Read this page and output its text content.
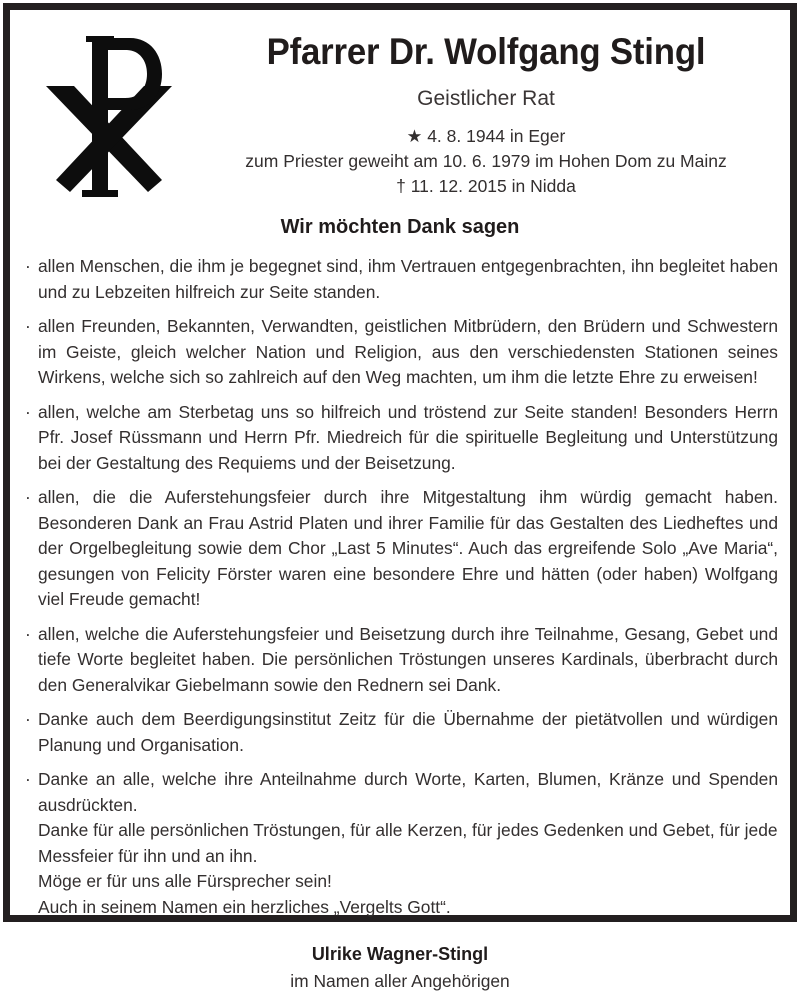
Pfarrer Dr. Wolfgang Stingl
Geistlicher Rat
★ 4. 8. 1944 in Eger
zum Priester geweiht am 10. 6. 1979 im Hohen Dom zu Mainz
† 11. 12. 2015 in Nidda
Wir möchten Dank sagen
· allen Menschen, die ihm je begegnet sind, ihm Vertrauen entgegenbrachten, ihn begleitet haben und zu Lebzeiten hilfreich zur Seite standen.
· allen Freunden, Bekannten, Verwandten, geistlichen Mitbrüdern, den Brüdern und Schwestern im Geiste, gleich welcher Nation und Religion, aus den verschiedensten Stationen seines Wirkens, welche sich so zahlreich auf den Weg machten, um ihm die letzte Ehre zu erweisen!
· allen, welche am Sterbetag uns so hilfreich und tröstend zur Seite standen! Besonders Herrn Pfr. Josef Rüssmann und Herrn Pfr. Miedreich für die spirituelle Begleitung und Unterstützung bei der Gestaltung des Requiems und der Beisetzung.
· allen, die die Auferstehungsfeier durch ihre Mitgestaltung ihm würdig gemacht haben. Besonderen Dank an Frau Astrid Platen und ihrer Familie für das Gestalten des Liedheftes und der Orgelbegleitung sowie dem Chor „Last 5 Minutes“. Auch das ergreifende Solo „Ave Maria“, gesungen von Felicity Förster waren eine besondere Ehre und hätten (oder haben) Wolfgang viel Freude gemacht!
· allen, welche die Auferstehungsfeier und Beisetzung durch ihre Teilnahme, Gesang, Gebet und tiefe Worte begleitet haben. Die persönlichen Tröstungen unseres Kardinals, überbracht durch den Generalvikar Giebelmann sowie den Rednern sei Dank.
· Danke auch dem Beerdigungsinstitut Zeitz für die Übernahme der pietätvollen und würdigen Planung und Organisation.
· Danke an alle, welche ihre Anteilnahme durch Worte, Karten, Blumen, Kränze und Spenden ausdrückten.
Danke für alle persönlichen Tröstungen, für alle Kerzen, für jedes Gedenken und Gebet, für jede Messfeier für ihn und an ihn.
Möge er für uns alle Fürsprecher sein!
Auch in seinem Namen ein herzliches „Vergelts Gott“.
Ulrike Wagner-Stingl
im Namen aller Angehörigen
